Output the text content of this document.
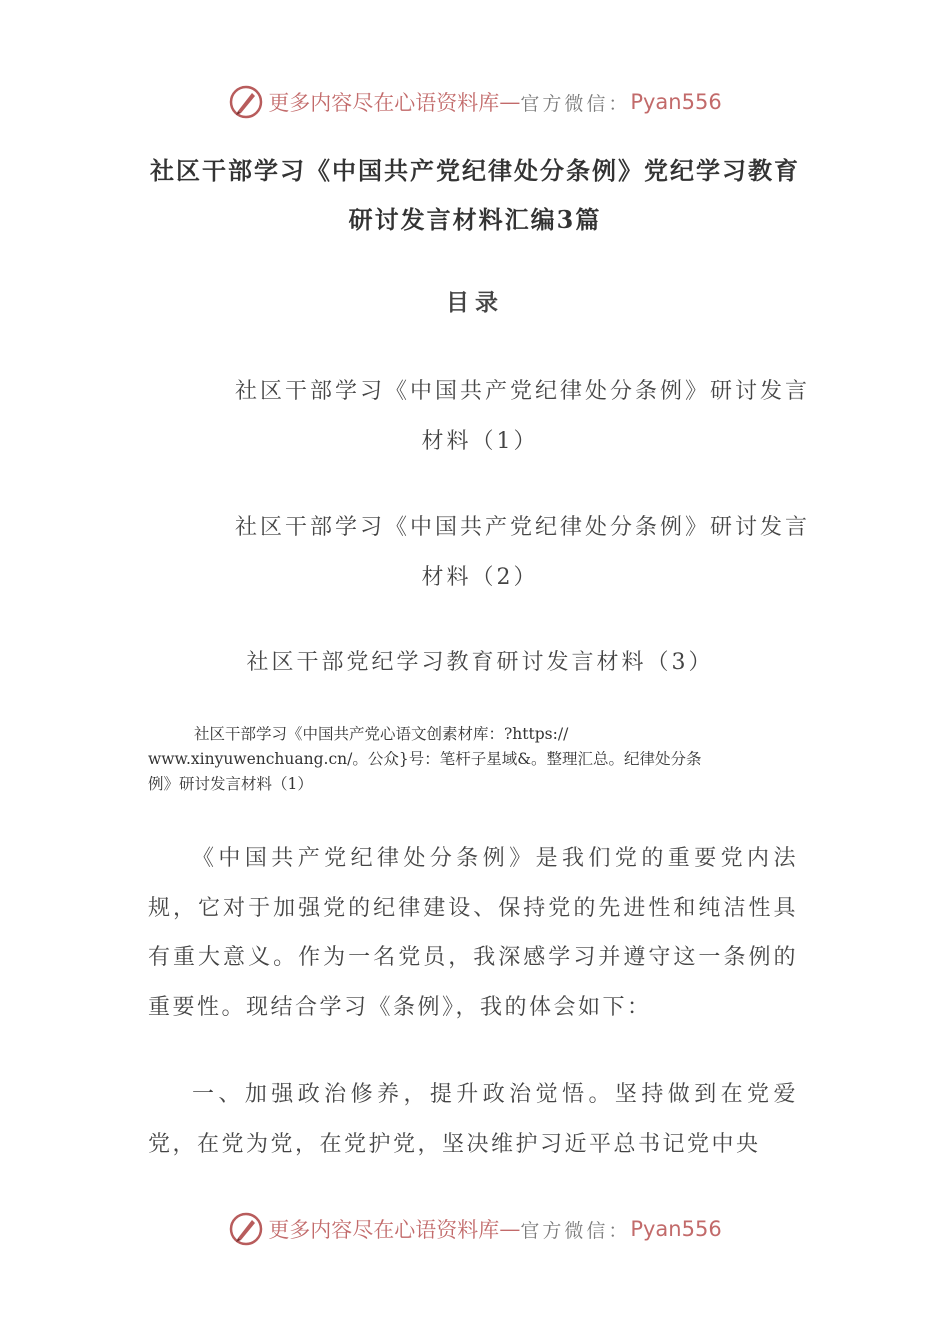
更多内容尽在心语资料库 — 官方微信： Pyan556
社区干部学习《中国共产党纪律处分条例》党纪学习教育
研讨发言材料汇编3篇
目录
社区干部学习《中国共产党纪律处分条例》研讨发言
材料（1）
社区干部学习《中国共产党纪律处分条例》研讨发言
材料（2）
社区干部党纪学习教育研讨发言材料（3）
社区干部学习《中国共产党心语文创素材库：?https://
www.xinyuwenchuang.cn/。公众}号：笔杆子星域&。整理汇总。纪律处分条
例》研讨发言材料（1）

《中国共产党纪律处分条例》是我们党的重要党内法规，它对于加强党的纪律建设、保持党的先进性和纯洁性具有重大意义。作为一名党员，我深感学习并遵守这一条例的重要性。现结合学习《条例》，我的体会如下：

一、加强政治修养，提升政治觉悟。坚持做到在党爱党，在党为党，在党护党，坚决维护习近平总书记党中央

更多内容尽在心语资料库 — 官方微信： Pyan556
